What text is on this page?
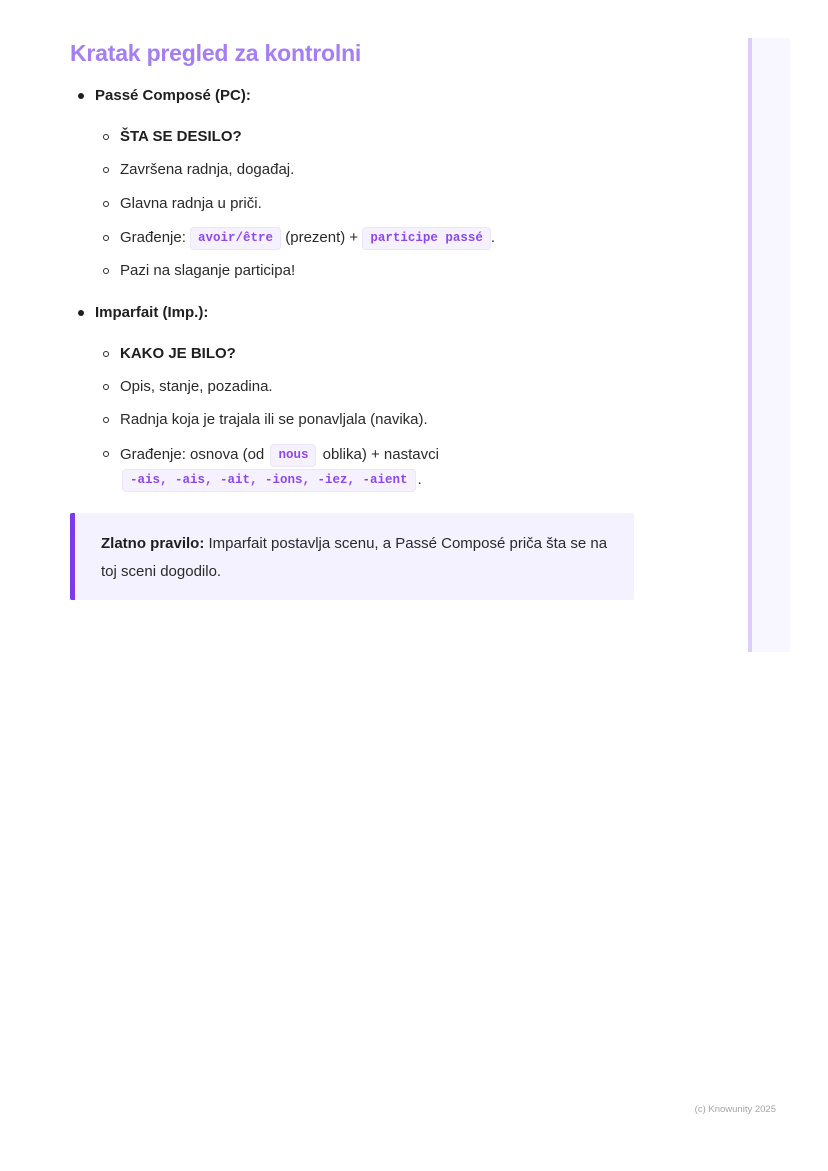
Kratak pregled za kontrolni
Passé Composé (PC):
ŠTA SE DESILO?
Završena radnja, događaj.
Glavna radnja u priči.
Građenje: avoir/être (prezent) + participe passé .
Pazi na slaganje participa!
Imparfait (Imp.):
KAKO JE BILO?
Opis, stanje, pozadina.
Radnja koja je trajala ili se ponavljala (navika).
Građenje: osnova (od nous oblika) + nastavci -ais, -ais, -ait, -ions, -iez, -aient .
Zlatno pravilo: Imparfait postavlja scenu, a Passé Composé priča šta se na toj sceni dogodilo.
(c) Knowunity 2025
